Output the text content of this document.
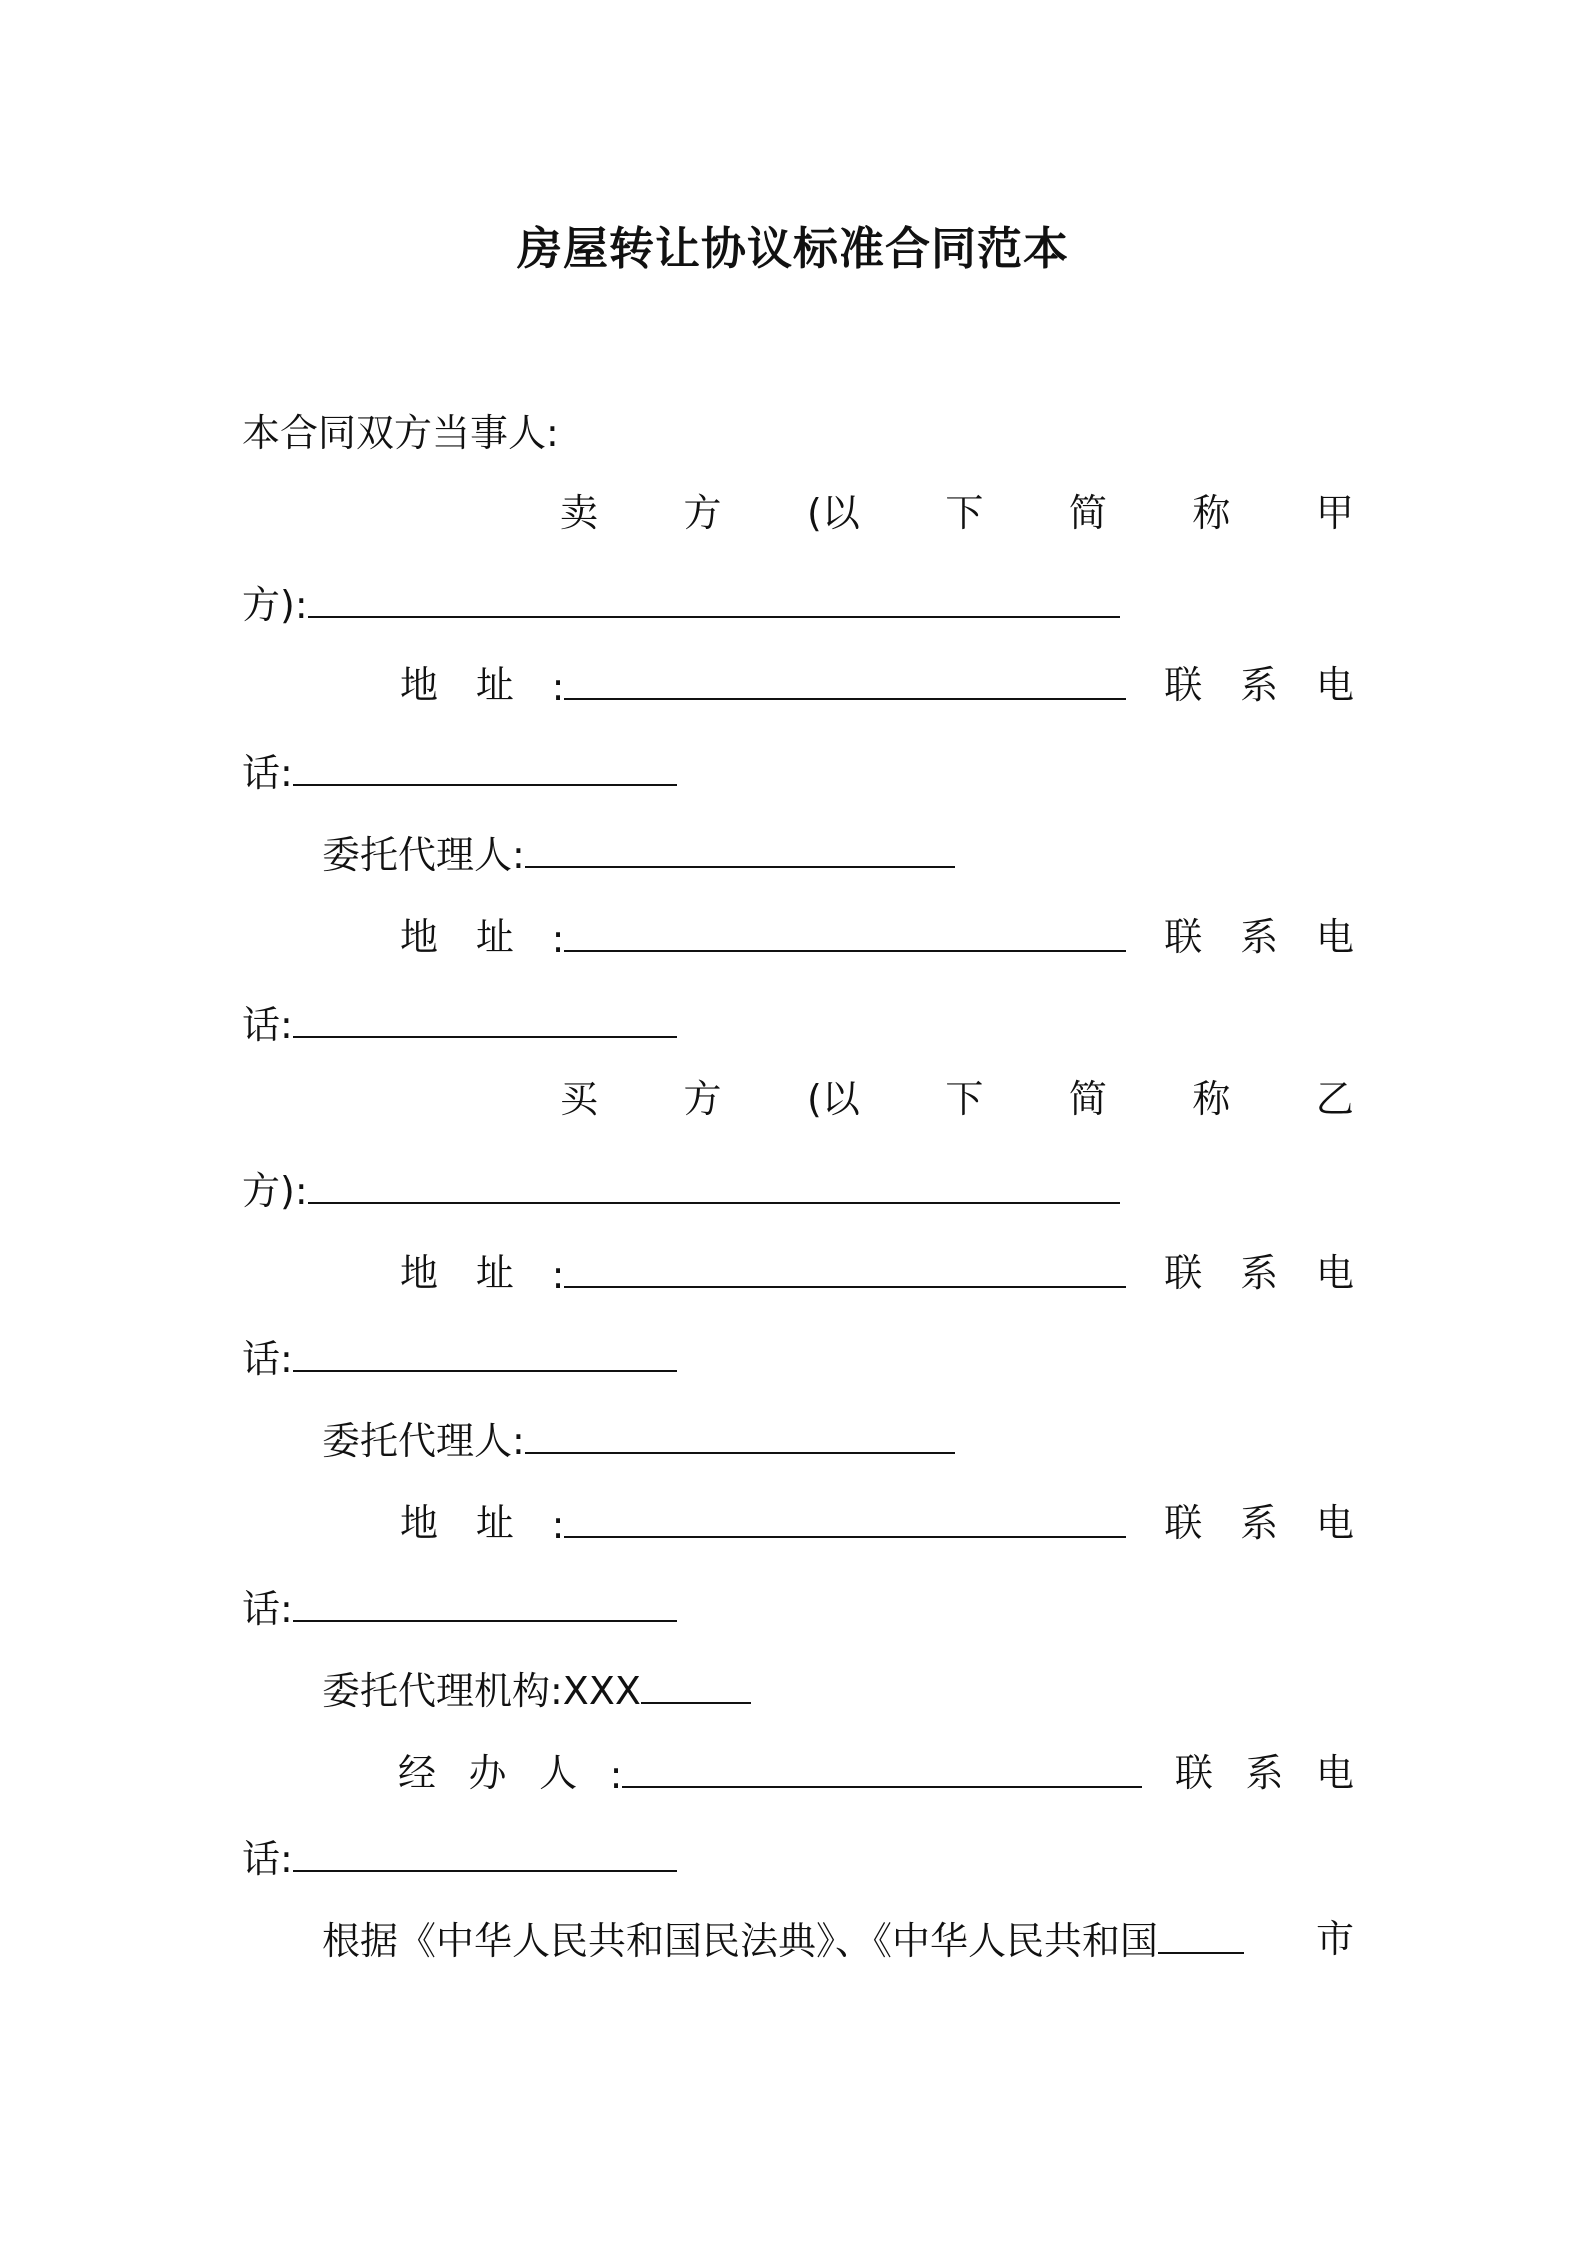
房屋转让协议标准合同范本
本合同双方当事人:
卖 方 (以 下 简 称 甲
方):
地 址 :	联 系 电
话:
委托代理人:
地 址 :	联 系 电
话:
买 方 (以 下 简 称 乙
方):
地 址 :	联 系 电
话:
委托代理人:
地 址 :	联 系 电
话:
委托代理机构:XXX
经 办 人 :	联 系 电
话:
根据《中华人民共和国民法典》、《中华人民共和国	市
